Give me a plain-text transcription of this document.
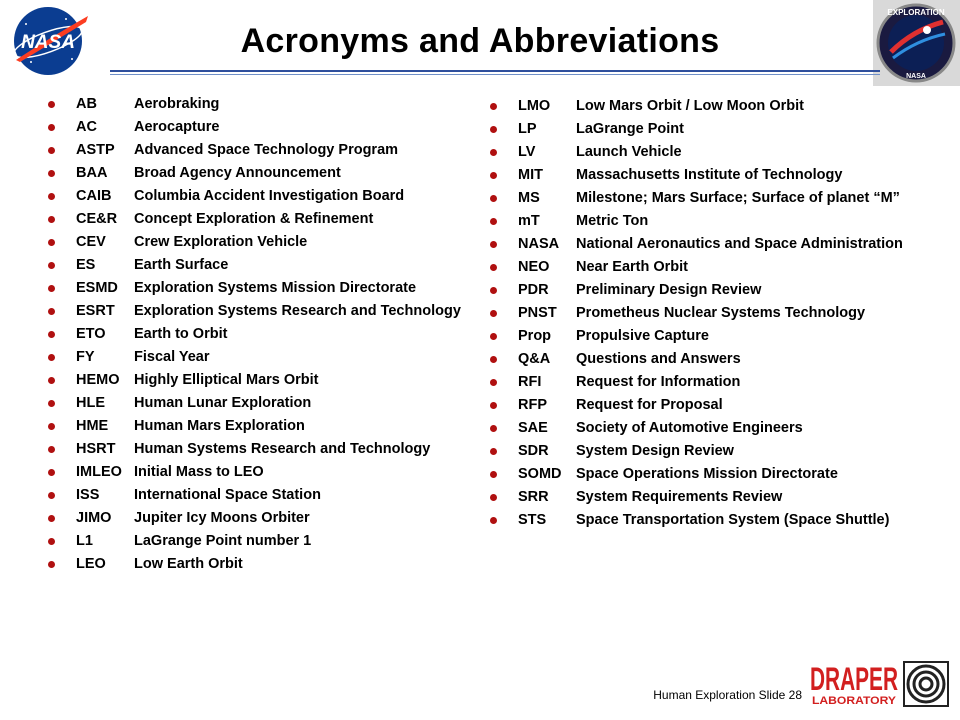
NASA
EXPLORATION
NASA
Acronyms and Abbreviations
AB	Aerobraking
AC	Aerocapture
ASTP Advanced Space Technology Program
BAA Broad Agency Announcement
CAIB Columbia Accident Investigation Board
CE&R Concept Exploration & Refinement
CEV Crew Exploration Vehicle
ES	Earth Surface
ESMD Exploration Systems Mission Directorate
ESRT Exploration Systems Research and Technology
ETO Earth to Orbit
FY	Fiscal Year
HEMO Highly Elliptical Mars Orbit
HLE Human Lunar Exploration
HME Human Mars Exploration
HSRT Human Systems Research and Technology
IMLEO Initial Mass to LEO
ISS International Space Station
JIMO Jupiter Icy Moons Orbiter
L1	LaGrange Point number 1
LEO Low Earth Orbit
LMO Low Mars Orbit / Low Moon Orbit
LP	LaGrange Point
LV	Launch Vehicle
MIT Massachusetts Institute of Technology
MS	Milestone; Mars Surface; Surface of planet “M”
mT	Metric Ton
NASA National Aeronautics and Space Administration
NEO Near Earth Orbit
PDR Preliminary Design Review
PNST Prometheus Nuclear Systems Technology
Prop Propulsive Capture
Q&A Questions and Answers
RFI Request for Information
RFP Request for Proposal
SAE Society of Automotive Engineers
SDR System Design Review
SOMD Space Operations Mission Directorate
SRR System Requirements Review
STS Space Transportation System (Space Shuttle)
Human Exploration Slide 28 DRAPER
LABORATORY
